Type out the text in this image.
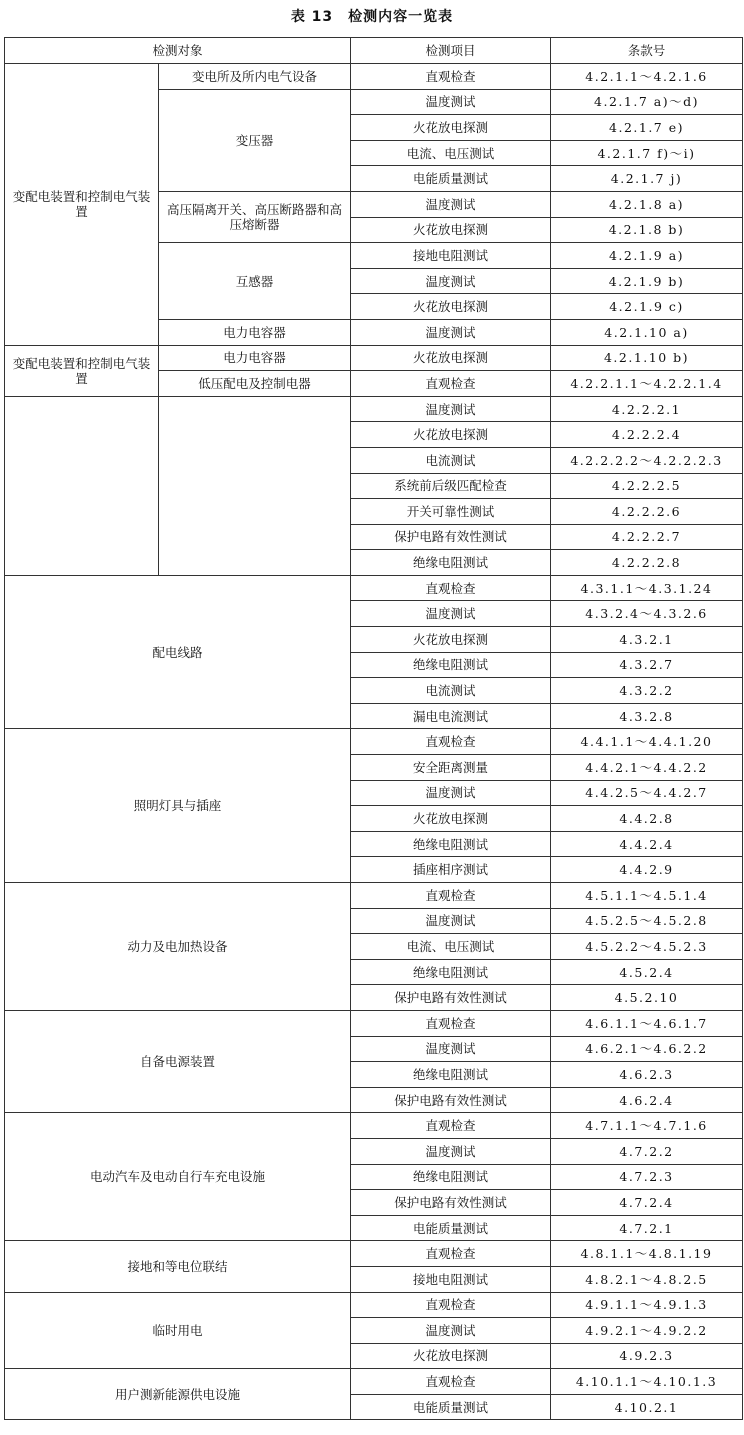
表 13　检测内容一览表
检测对象		检测项目	条款号
变配电装置和控制电气装置	变电所及所内电气设备	直观检查	4.2.1.1～4.2.1.6
	变压器	温度测试	4.2.1.7 a)～d)
		火花放电探测	4.2.1.7 e)
		电流、电压测试	4.2.1.7 f)～i)
		电能质量测试	4.2.1.7 j)
	高压隔离开关、高压断路器和高压熔断器	温度测试	4.2.1.8 a)
		火花放电探测	4.2.1.8 b)
	互感器	接地电阻测试	4.2.1.9 a)
		温度测试	4.2.1.9 b)
		火花放电探测	4.2.1.9 c)
	电力电容器	温度测试	4.2.1.10 a)
变配电装置和控制电气装置	电力电容器	火花放电探测	4.2.1.10 b)
	低压配电及控制电器	直观检查	4.2.2.1.1～4.2.2.1.4
		温度测试	4.2.2.2.1
		火花放电探测	4.2.2.2.4
		电流测试	4.2.2.2.2～4.2.2.2.3
		系统前后级匹配检查	4.2.2.2.5
		开关可靠性测试	4.2.2.2.6
		保护电路有效性测试	4.2.2.2.7
		绝缘电阻测试	4.2.2.2.8
配电线路		直观检查	4.3.1.1～4.3.1.24
		温度测试	4.3.2.4～4.3.2.6
		火花放电探测	4.3.2.1
		绝缘电阻测试	4.3.2.7
		电流测试	4.3.2.2
		漏电电流测试	4.3.2.8
照明灯具与插座		直观检查	4.4.1.1～4.4.1.20
		安全距离测量	4.4.2.1～4.4.2.2
		温度测试	4.4.2.5～4.4.2.7
		火花放电探测	4.4.2.8
		绝缘电阻测试	4.4.2.4
		插座相序测试	4.4.2.9
动力及电加热设备		直观检查	4.5.1.1～4.5.1.4
		温度测试	4.5.2.5～4.5.2.8
		电流、电压测试	4.5.2.2～4.5.2.3
		绝缘电阻测试	4.5.2.4
		保护电路有效性测试	4.5.2.10
自备电源装置		直观检查	4.6.1.1～4.6.1.7
		温度测试	4.6.2.1～4.6.2.2
		绝缘电阻测试	4.6.2.3
		保护电路有效性测试	4.6.2.4
电动汽车及电动自行车充电设施		直观检查	4.7.1.1～4.7.1.6
		温度测试	4.7.2.2
		绝缘电阻测试	4.7.2.3
		保护电路有效性测试	4.7.2.4
		电能质量测试	4.7.2.1
接地和等电位联结		直观检查	4.8.1.1～4.8.1.19
		接地电阻测试	4.8.2.1～4.8.2.5
临时用电		直观检查	4.9.1.1～4.9.1.3
		温度测试	4.9.2.1～4.9.2.2
		火花放电探测	4.9.2.3
用户测新能源供电设施		直观检查	4.10.1.1～4.10.1.3
		电能质量测试	4.10.2.1
